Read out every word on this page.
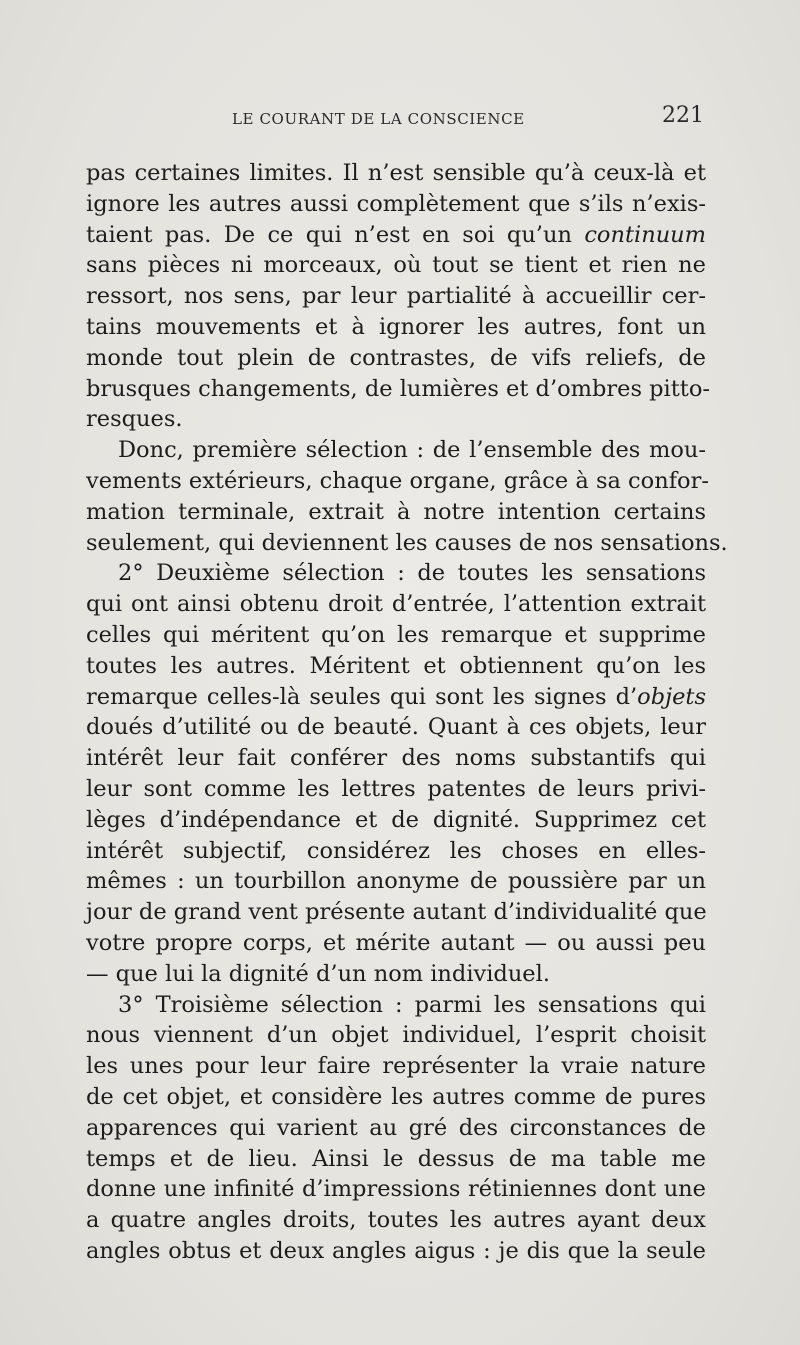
LE COURANT DE LA CONSCIENCE	221
pas certaines limites. Il n’est sensible qu’à ceux-là et
ignore les autres aussi complètement que s’ils n’exis-
taient pas. De ce qui n’est en soi qu’un continuum
sans pièces ni morceaux, où tout se tient et rien ne
ressort, nos sens, par leur partialité à accueillir cer-
tains mouvements et à ignorer les autres, font un
monde tout plein de contrastes, de vifs reliefs, de
brusques changements, de lumières et d’ombres pitto-
resques.
Donc, première sélection : de l’ensemble des mou-
vements extérieurs, chaque organe, grâce à sa confor-
mation terminale, extrait à notre intention certains
seulement, qui deviennent les causes de nos sensations.
2° Deuxième sélection : de toutes les sensations
qui ont ainsi obtenu droit d’entrée, l’attention extrait
celles qui méritent qu’on les remarque et supprime
toutes les autres. Méritent et obtiennent qu’on les
remarque celles-là seules qui sont les signes d’objets
doués d’utilité ou de beauté. Quant à ces objets, leur
intérêt leur fait conférer des noms substantifs qui
leur sont comme les lettres patentes de leurs privi-
lèges d’indépendance et de dignité. Supprimez cet
intérêt subjectif, considérez les choses en elles-
mêmes : un tourbillon anonyme de poussière par un
jour de grand vent présente autant d’individualité que
votre propre corps, et mérite autant — ou aussi peu
— que lui la dignité d’un nom individuel.
3° Troisième sélection : parmi les sensations qui
nous viennent d’un objet individuel, l’esprit choisit
les unes pour leur faire représenter la vraie nature
de cet objet, et considère les autres comme de pures
apparences qui varient au gré des circonstances de
temps et de lieu. Ainsi le dessus de ma table me
donne une infinité d’impressions rétiniennes dont une
a quatre angles droits, toutes les autres ayant deux
angles obtus et deux angles aigus : je dis que la seule
